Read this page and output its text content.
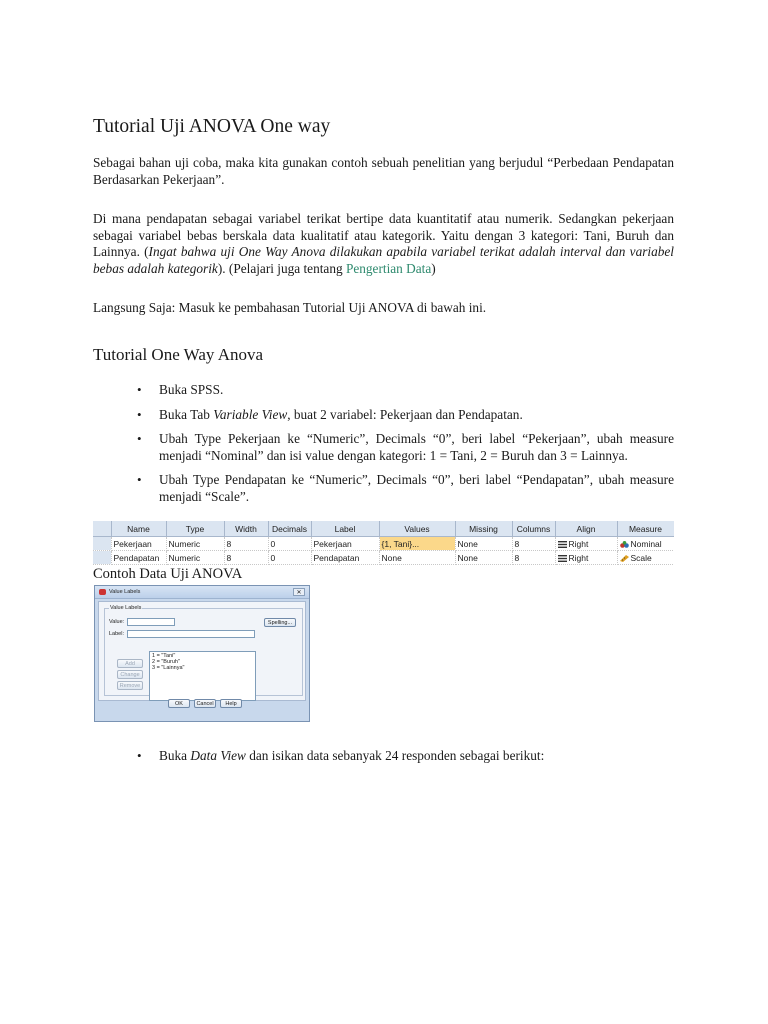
Tutorial Uji ANOVA One way

Sebagai bahan uji coba, maka kita gunakan contoh sebuah penelitian yang berjudul “Perbedaan Pendapatan Berdasarkan Pekerjaan”.

Di mana pendapatan sebagai variabel terikat bertipe data kuantitatif atau numerik. Sedangkan pekerjaan sebagai variabel bebas berskala data kualitatif atau kategorik. Yaitu dengan 3 kategori: Tani, Buruh dan Lainnya. (Ingat bahwa uji One Way Anova dilakukan apabila variabel terikat adalah interval dan variabel bebas adalah kategorik). (Pelajari juga tentang Pengertian Data)

Langsung Saja: Masuk ke pembahasan Tutorial Uji ANOVA di bawah ini.

Tutorial One Way Anova
• Buka SPSS.
• Buka Tab Variable View, buat 2 variabel: Pekerjaan dan Pendapatan.
• Ubah Type Pekerjaan ke “Numeric”, Decimals “0”, beri label “Pekerjaan”, ubah measure menjadi “Nominal” dan isi value dengan kategori: 1 = Tani, 2 = Buruh dan 3 = Lainnya.
• Ubah Type Pendapatan ke “Numeric”, Decimals “0”, beri label “Pendapatan”, ubah measure menjadi “Scale”.
	Name	Type	Width	Decimals	Label	Values	Missing	Columns	Align	Measure
	Pekerjaan	Numeric	8	0	Pekerjaan	{1, Tani}...	None	8	Right	Nominal
	Pendapatan	Numeric	8	0	Pendapatan	None	None	8	Right	Scale

Contoh Data Uji ANOVA

Value Labels	✕
Value Labels
Value:
Label:
Spelling...
Add
Change
Remove
1 = "Tani"
2 = "Buruh"
3 = "Lainnya"
OK	Cancel	Help
• Buka Data View dan isikan data sebanyak 24 responden sebagai berikut:
